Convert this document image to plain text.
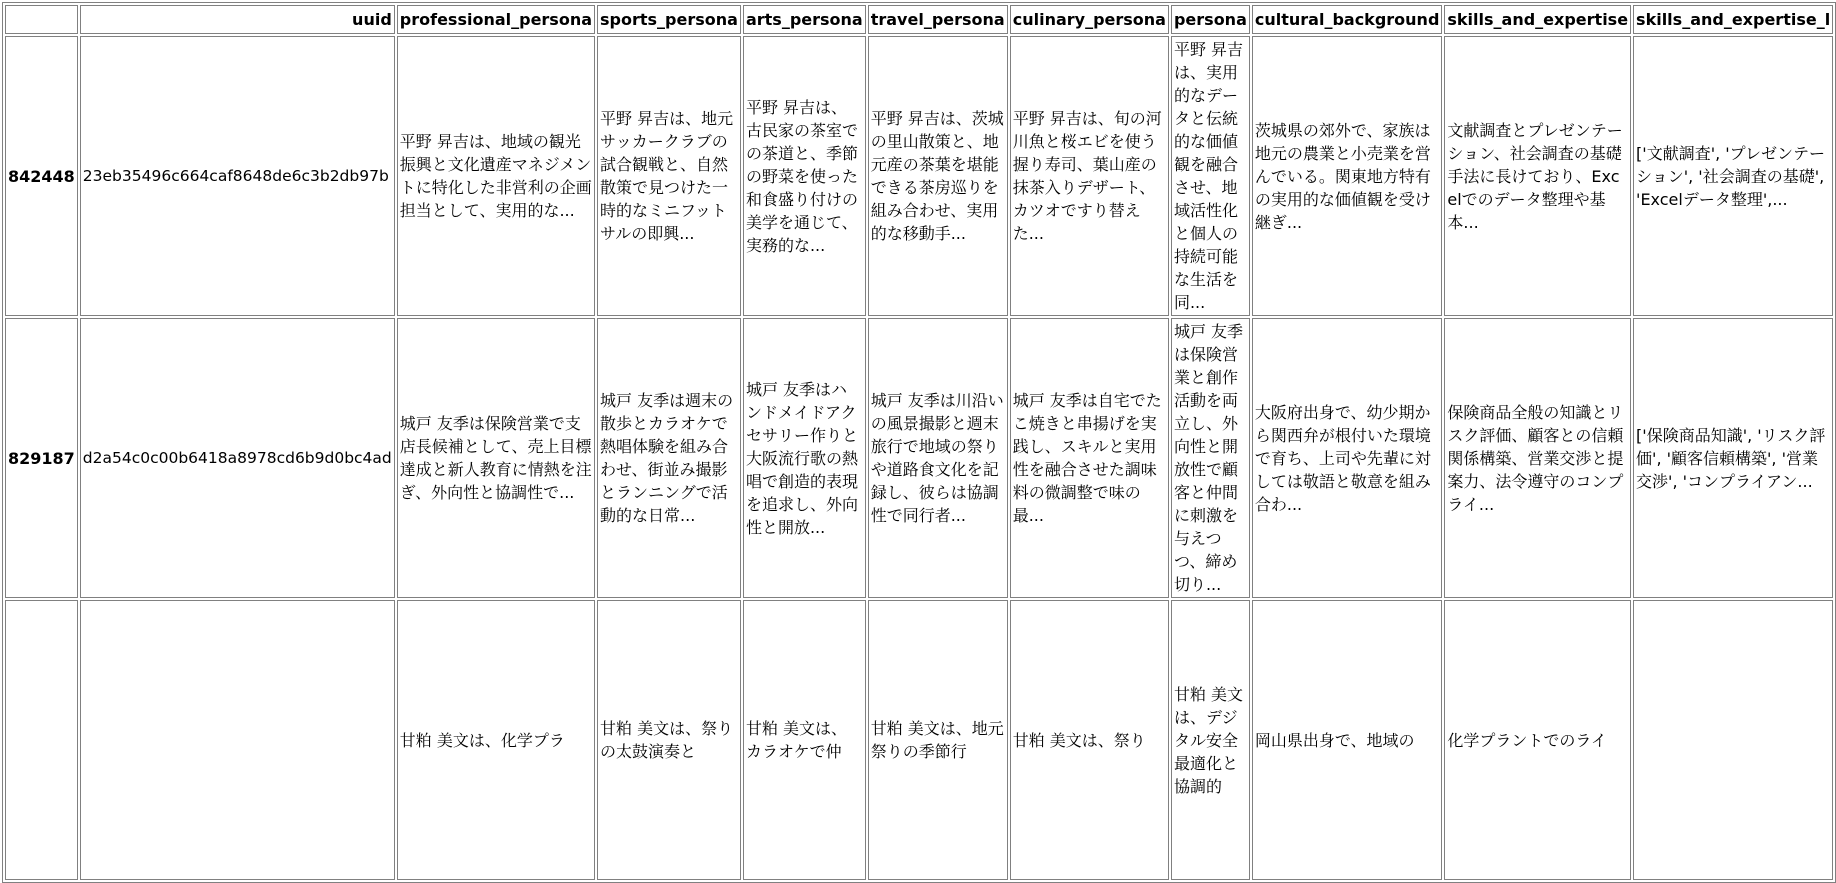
	uuid	professional_persona	sports_persona	arts_persona	travel_persona	culinary_persona	persona	cultural_background	skills_and_expertise	skills_and_expertise_l
842448	23eb35496c664caf8648de6c3b2db97b	平野 昇吉は、地域の観光振興と文化遺産マネジメントに特化した非営利の企画担当として、実用的な...	平野 昇吉は、地元サッカークラブの試合観戦と、自然散策で見つけた一時的なミニフットサルの即興...	平野 昇吉は、古民家の茶室での茶道と、季節の野菜を使った和食盛り付けの美学を通じて、実務的な...	平野 昇吉は、茨城の里山散策と、地元産の茶葉を堪能できる茶房巡りを組み合わせ、実用的な移動手...	平野 昇吉は、旬の河川魚と桜エビを使う握り寿司、葉山産の抹茶入りデザート、カツオですり替えた...	平野 昇吉は、実用的なデータと伝統的な価値観を融合させ、地域活性化と個人の持続可能な生活を同...	茨城県の郊外で、家族は地元の農業と小売業を営んでいる。関東地方特有の実用的な価値観を受け継ぎ...	文献調査とプレゼンテーション、社会調査の基礎手法に長けており、Excelでのデータ整理や基本...	['文献調査', 'プレゼンテーション', '社会調査の基礎', 'Excelデータ整理',...
829187	d2a54c0c00b6418a8978cd6b9d0bc4ad	城戸 友季は保険営業で支店長候補として、売上目標達成と新人教育に情熱を注ぎ、外向性と協調性で...	城戸 友季は週末の散歩とカラオケで熱唱体験を組み合わせ、街並み撮影とランニングで活動的な日常...	城戸 友季はハンドメイドアクセサリー作りと大阪流行歌の熱唱で創造的表現を追求し、外向性と開放...	城戸 友季は川沿いの風景撮影と週末旅行で地域の祭りや道路食文化を記録し、彼らは協調性で同行者...	城戸 友季は自宅でたこ焼きと串揚げを実践し、スキルと実用性を融合させた調味料の微調整で味の最...	城戸 友季は保険営業と創作活動を両立し、外向性と開放性で顧客と仲間に刺激を与えつつ、締め切り...	大阪府出身で、幼少期から関西弁が根付いた環境で育ち、上司や先輩に対しては敬語と敬意を組み合わ...	保険商品全般の知識とリスク評価、顧客との信頼関係構築、営業交渉と提案力、法令遵守のコンプライ...	['保険商品知識', 'リスク評価', '顧客信頼構築', '営業交渉', 'コンプライアン...
		甘粕 美文は、化学プラ	甘粕 美文は、祭りの太鼓演奏と	甘粕 美文は、カラオケで仲	甘粕 美文は、地元祭りの季節行	甘粕 美文は、祭り	甘粕 美文は、デジタル安全最適化と協調的	岡山県出身で、地域の	化学プラントでのライ	
